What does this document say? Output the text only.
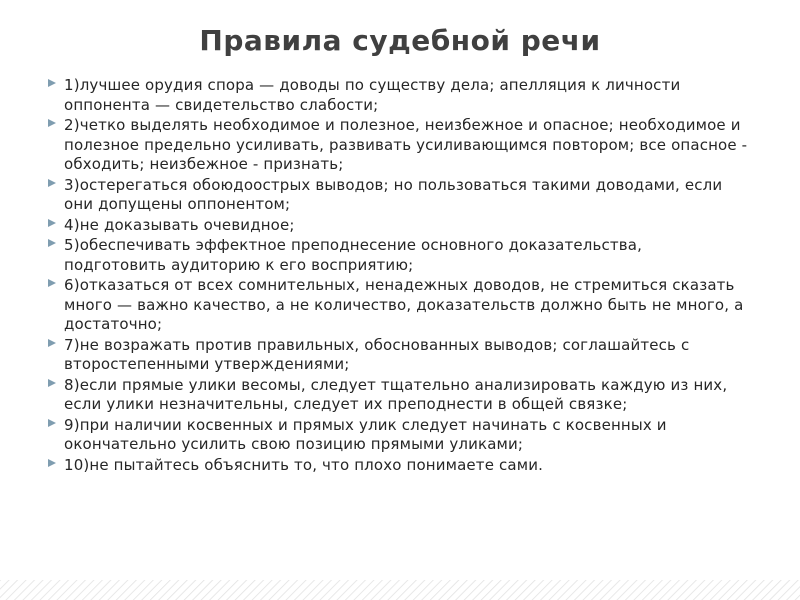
Правила судебной речи
1)лучшее орудия спора — доводы по существу дела; апелляция к личности оппонента — свидетельство слабости;
2)четко выделять необходимое и полезное, неизбежное и опасное; необходимое и полезное предельно усиливать, развивать усиливающимся повтором; все опасное - обходить; неизбежное - признать;
3)остерегаться обоюдоострых выводов; но пользоваться такими доводами, если они допущены оппонентом;
4)не доказывать очевидное;
5)обеспечивать эффектное преподнесение основного доказательства, подготовить аудиторию к его восприятию;
6)отказаться от всех сомнительных, ненадежных доводов, не стремиться сказать много — важно качество, а не количество, доказательств должно быть не много, а достаточно;
7)не возражать против правильных, обоснованных выводов; соглашайтесь с второстепенными утверждениями;
8)если прямые улики весомы, следует тщательно анализировать каждую из них, если улики незначительны, следует их преподнести в общей связке;
9)при наличии косвенных и прямых улик следует начинать с косвенных и окончательно усилить свою позицию прямыми уликами;
10)не пытайтесь объяснить то, что плохо понимаете сами.
